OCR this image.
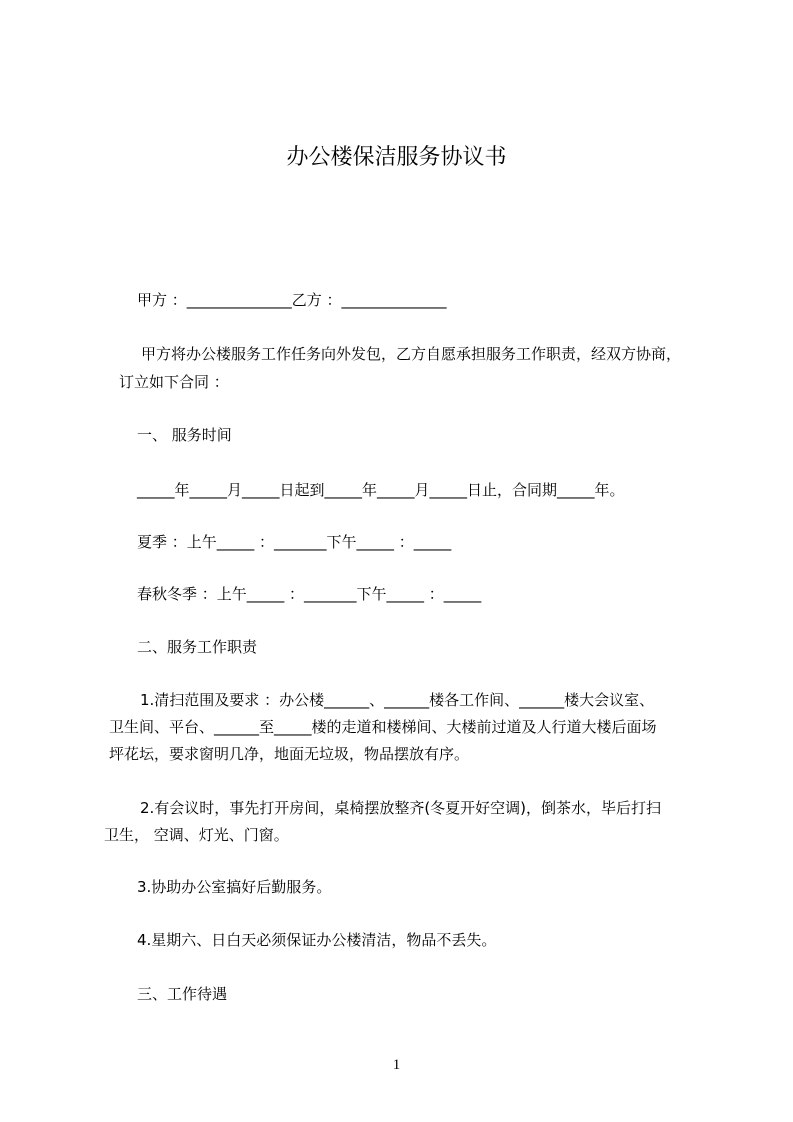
办公楼保洁服务协议书
甲方 ：______________乙方 ：______________
甲方将办公楼服务工作任务向外发包，乙方自愿承担服务工作职责，经双方协商，
订立如下合同 ：
一、 服务时间
_____年_____月_____日起到_____年_____月_____日止，合同期_____年。
夏季 ：上午_____ ：_______下午_____ ：_____
春秋冬季 ：上午_____ ：_______下午_____ ：_____
二、服务工作职责
1.清扫范围及要求 ：办公楼______、______楼各工作间、______楼大会议室、
卫生间、平台、______至_____楼的走道和楼梯间、大楼前过道及人行道大楼后面场
坪花坛，要求窗明几净，地面无垃圾，物品摆放有序。
2.有会议时，事先打开房间，桌椅摆放整齐(冬夏开好空调)，倒茶水，毕后打扫
卫生， 空调、灯光、门窗。
3.协助办公室搞好后勤服务。
4.星期六、日白天必须保证办公楼清洁，物品不丢失。
三、工作待遇
1
